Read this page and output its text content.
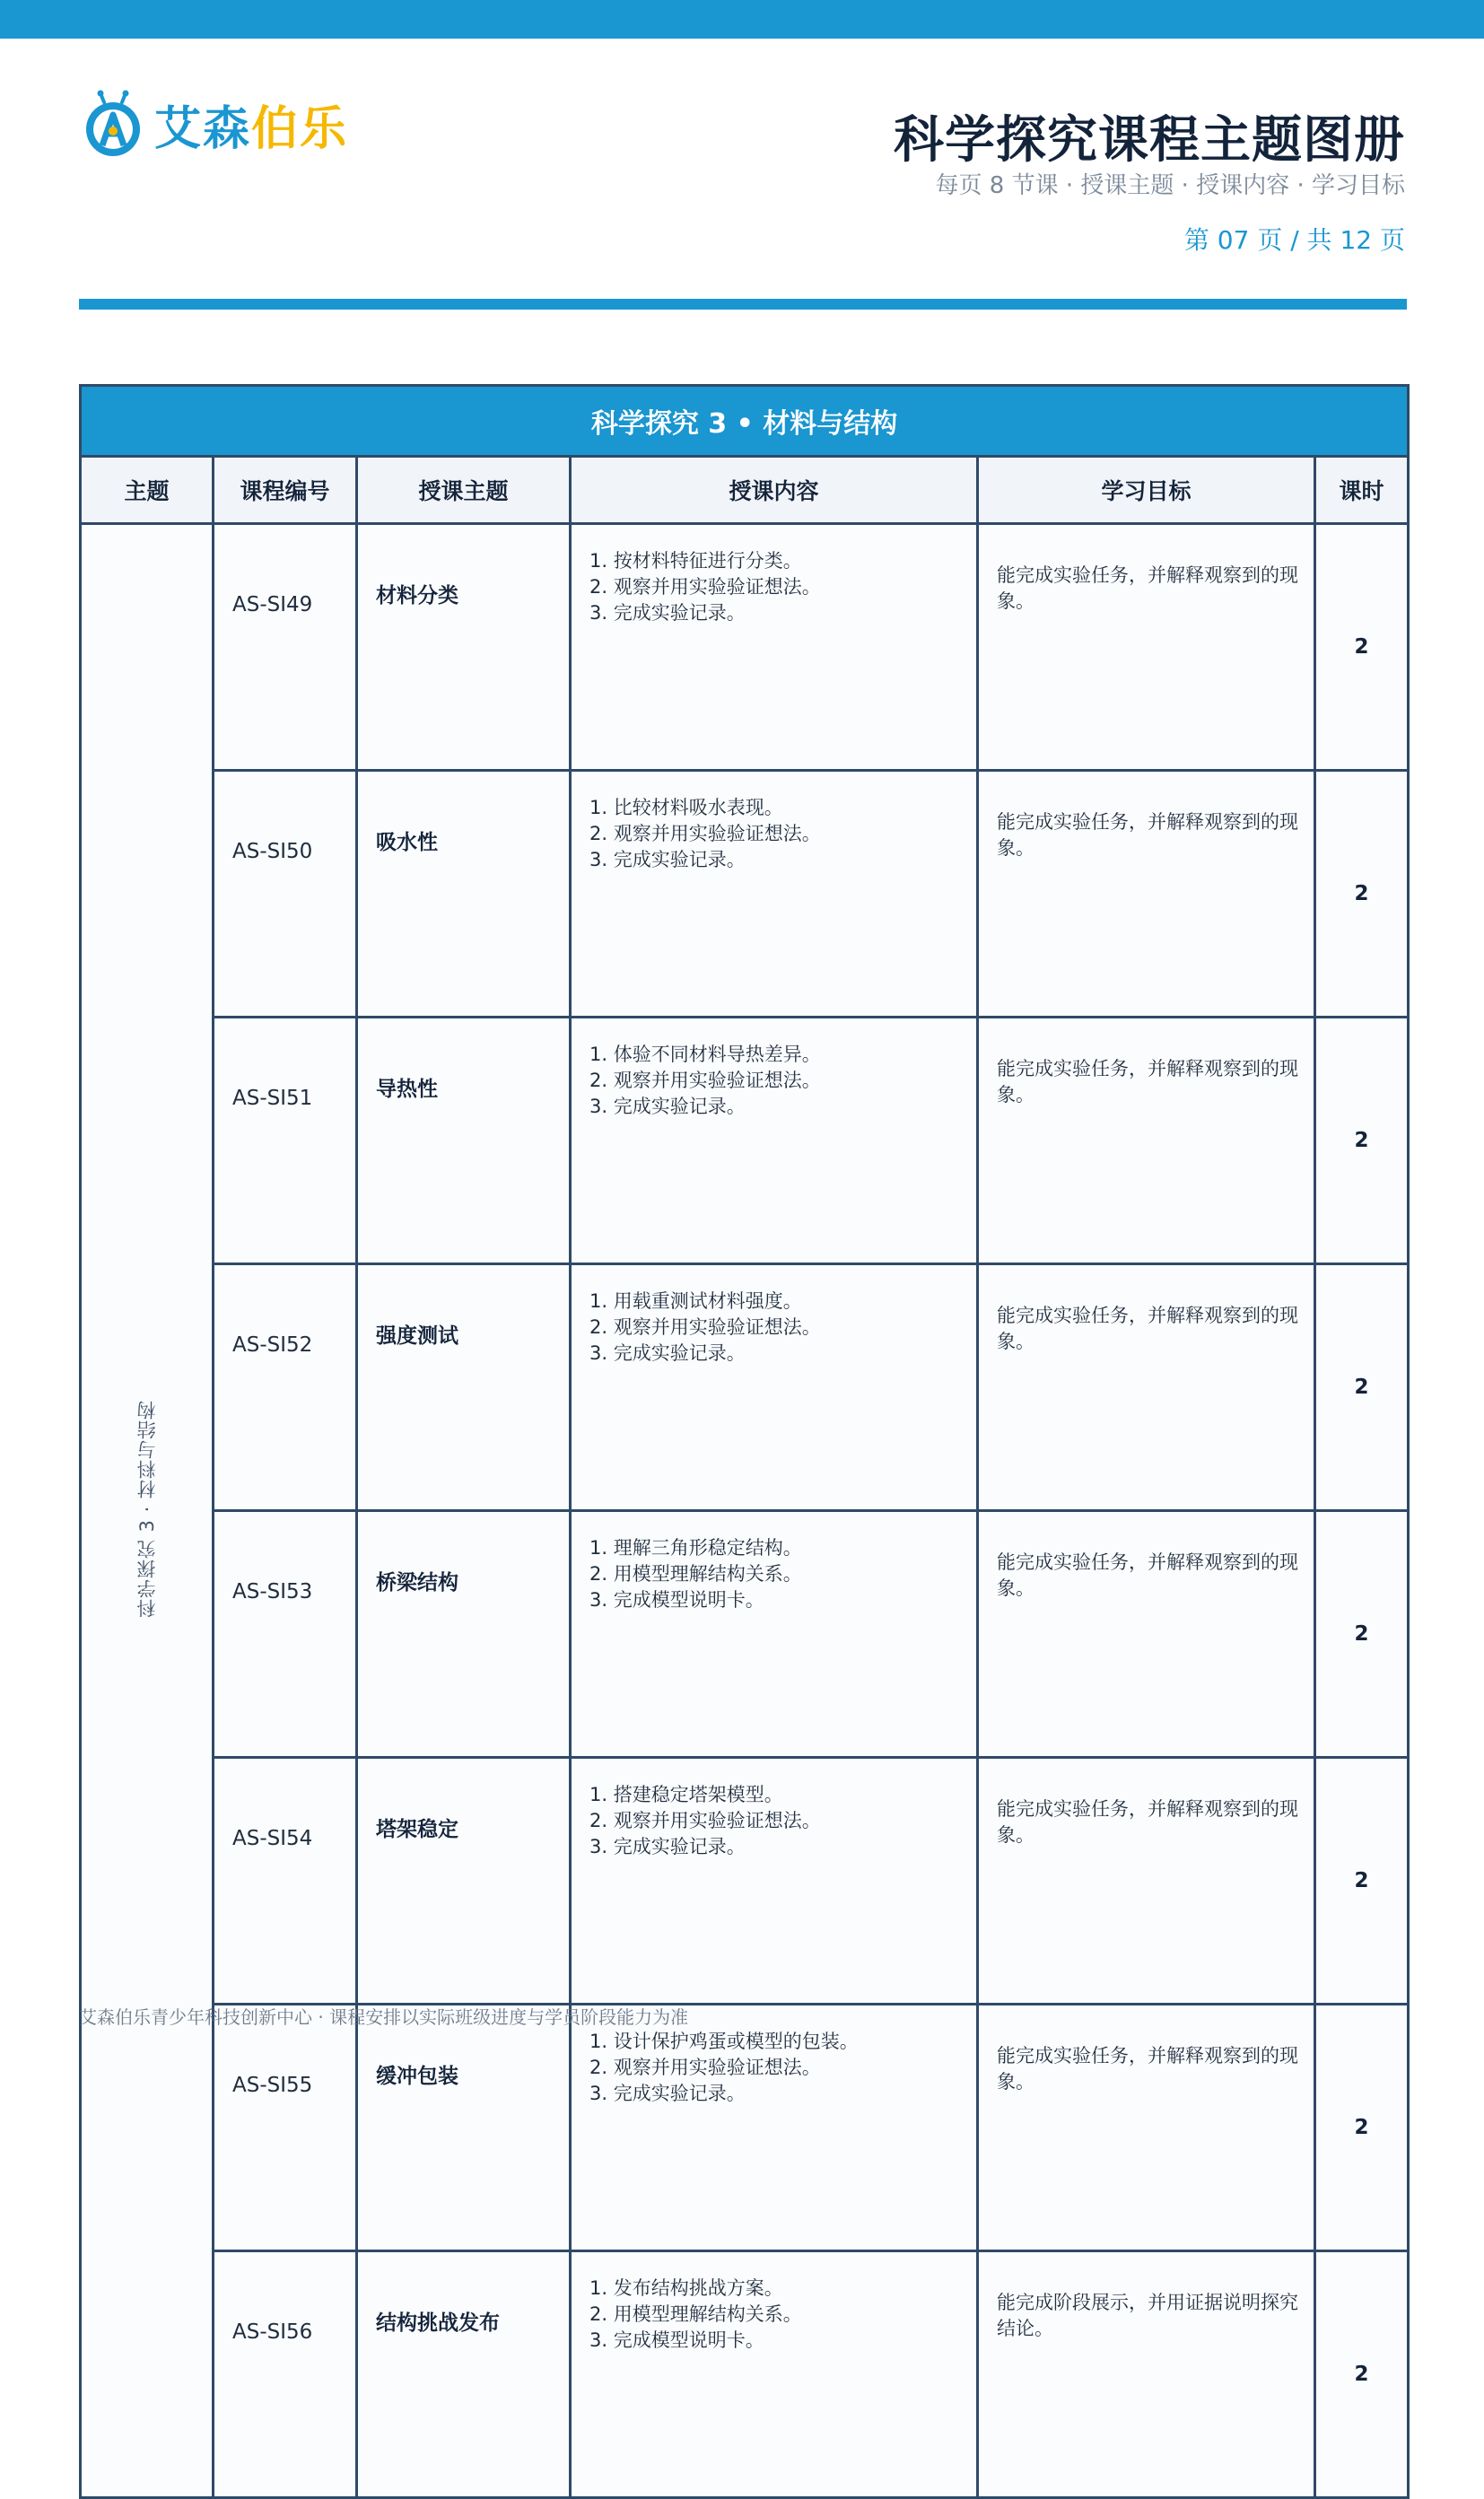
艾森伯乐	科学探究课程主题图册
每页 8 节课 · 授课主题 · 授课内容 · 学习目标
第 07 页 / 共 12 页
科学探究 3 • 材料与结构					
主题	课程编号	授课主题	授课内容	学习目标	课时
科学探究 3 · 材料与结构	AS-SI49	材料分类	1. 按材料特征进行分类。
2. 观察并用实验验证想法。
3. 完成实验记录。	能完成实验任务，并解释观察到的现象。	2
	AS-SI50	吸水性	1. 比较材料吸水表现。
2. 观察并用实验验证想法。
3. 完成实验记录。	能完成实验任务，并解释观察到的现象。	2
	AS-SI51	导热性	1. 体验不同材料导热差异。
2. 观察并用实验验证想法。
3. 完成实验记录。	能完成实验任务，并解释观察到的现象。	2
	AS-SI52	强度测试	1. 用载重测试材料强度。
2. 观察并用实验验证想法。
3. 完成实验记录。	能完成实验任务，并解释观察到的现象。	2
	AS-SI53	桥梁结构	1. 理解三角形稳定结构。
2. 用模型理解结构关系。
3. 完成模型说明卡。	能完成实验任务，并解释观察到的现象。	2
	AS-SI54	塔架稳定	1. 搭建稳定塔架模型。
2. 观察并用实验验证想法。
3. 完成实验记录。	能完成实验任务，并解释观察到的现象。	2
	AS-SI55	缓冲包装	1. 设计保护鸡蛋或模型的包装。
2. 观察并用实验验证想法。
3. 完成实验记录。	能完成实验任务，并解释观察到的现象。	2
	AS-SI56	结构挑战发布	1. 发布结构挑战方案。
2. 用模型理解结构关系。
3. 完成模型说明卡。	能完成阶段展示，并用证据说明探究结论。	2
艾森伯乐青少年科技创新中心 · 课程安排以实际班级进度与学员阶段能力为准
